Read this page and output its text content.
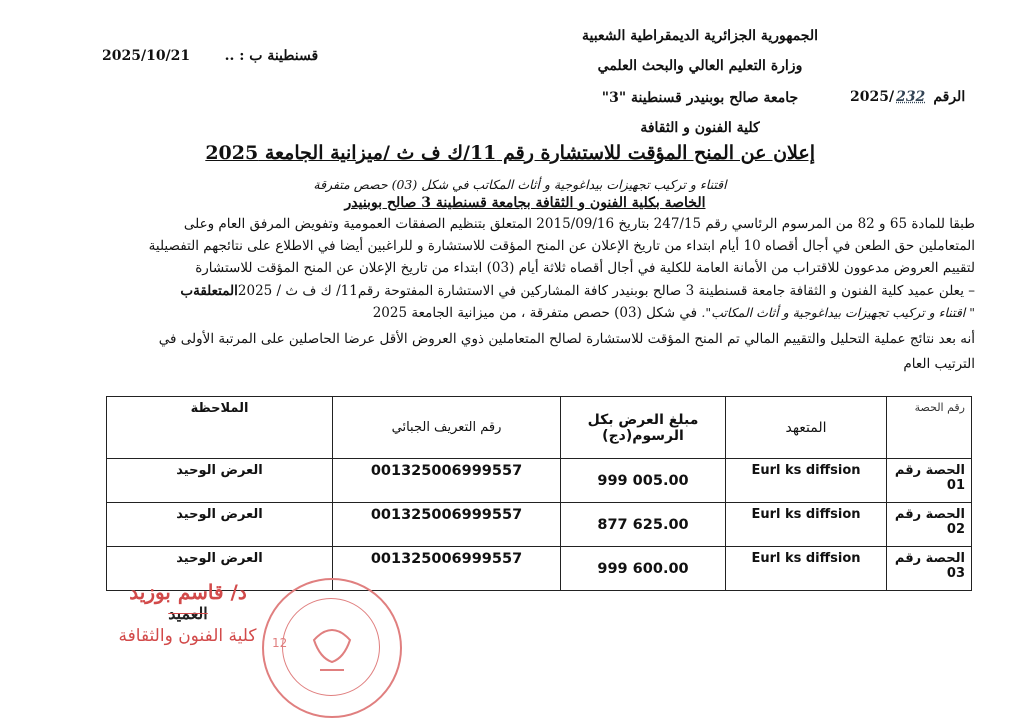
الجمهورية الجزائرية الديمقراطية الشعبية
وزارة التعليم العالي والبحث العلمي
جامعة صالح بوبنيدر قسنطينة "3"
كلية الفنون و الثقافة
2025/10/21 قسنطينة ب : ..
2025/ 232 الرقم
إعلان عن المنح المؤقت للاستشارة رقم 11/ك ف ث /ميزانية الجامعة 2025
اقتناء و تركيب تجهيزات بيداغوجية و أثاث المكاتب في شكل (03) حصص متفرقة
الخاصة بكلية الفنون و الثقافة بجامعة قسنطينة 3 صالح بوبنيدر
طبقا للمادة 65 و 82 من المرسوم الرئاسي رقم 247/15 بتاريخ 2015/09/16 المتعلق بتنظيم الصفقات العمومية وتفويض المرفق العام وعلى
المتعاملين حق الطعن في أجال أقصاه 10 أيام ابتداء من تاريخ الإعلان عن المنح المؤقت للاستشارة و للراغبين أيضا في الاطلاع على نتائجهم التفصيلية
لتقييم العروض مدعوون للاقتراب من الأمانة العامة للكلية في أجال أقصاه ثلاثة أيام (03) ابتداء من تاريخ الإعلان عن المنح المؤقت للاستشارة
– يعلن عميد كلية الفنون و الثقافة جامعة قسنطينة 3 صالح بوبنيدر كافة المشاركين في الاستشارة المفتوحة رقم11/ ك ف ث / 2025المتعلقةب
" اقتناء و تركيب تجهيزات بيداغوجية و أثاث المكاتب". في شكل (03) حصص متفرقة ، من ميزانية الجامعة 2025
أنه بعد نتائج عملية التحليل والتقييم المالي تم المنح المؤقت للاستشارة لصالح المتعاملين ذوي العروض الأقل عرضا الحاصلين على المرتبة الأولى في
الترتيب العام
رقم الحصة	المتعهد	مبلغ العرض بكل الرسوم(دج)	رقم التعريف الجبائي	الملاحظة
الحصة رقم 01	Eurl ks diffsion	999 005.00	001325006999557	العرض الوحيد
الحصة رقم 02	Eurl ks diffsion	877 625.00	001325006999557	العرض الوحيد
الحصة رقم 03	Eurl ks diffsion	999 600.00	001325006999557	العرض الوحيد
د/ قاسم بوزيد
العميد
كلية الفنون والثقافة	12
